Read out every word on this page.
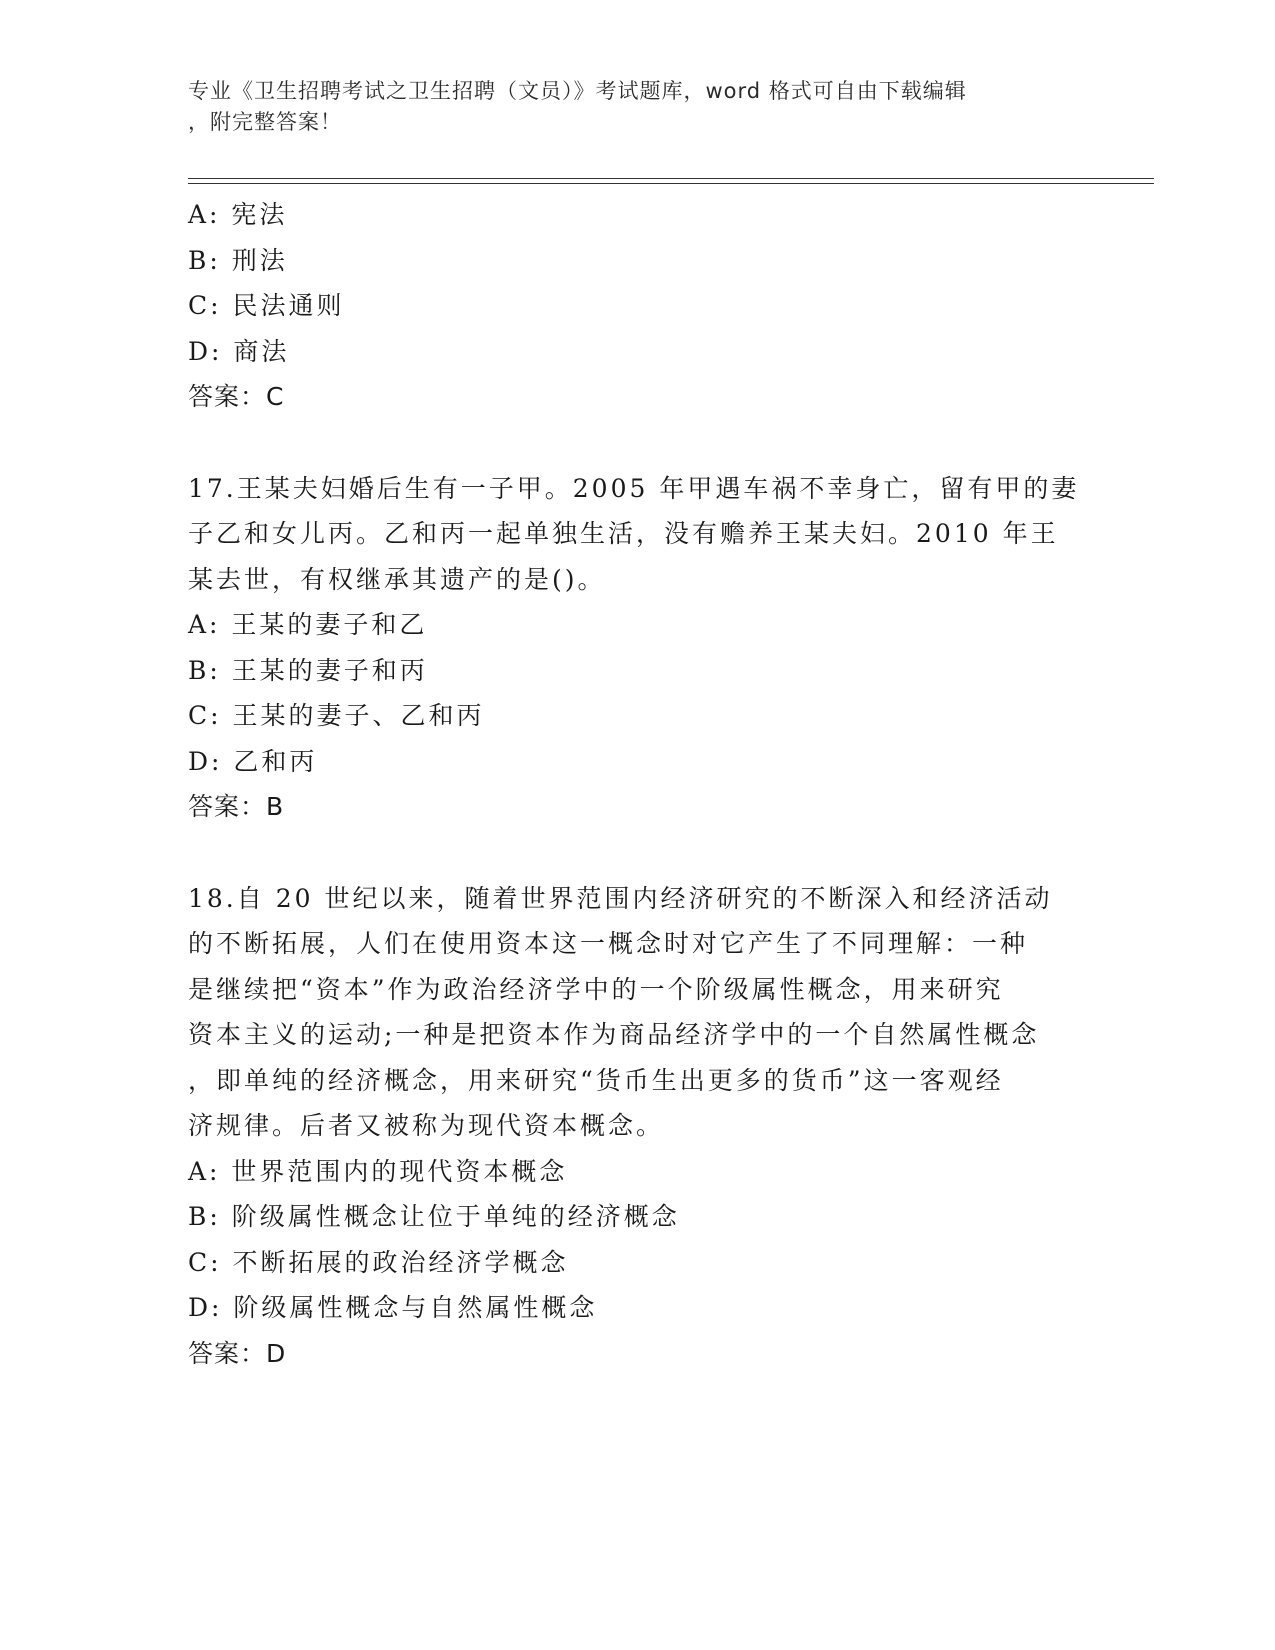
专业《卫生招聘考试之卫生招聘（文员）》考试题库，word 格式可自由下载编辑
，附完整答案！
A: 宪法
B: 刑法
C: 民法通则
D: 商法
答案：C
17.王某夫妇婚后生有一子甲。2005 年甲遇车祸不幸身亡，留有甲的妻
子乙和女儿丙。乙和丙一起单独生活，没有赡养王某夫妇。2010 年王
某去世，有权继承其遗产的是()。
A: 王某的妻子和乙
B: 王某的妻子和丙
C: 王某的妻子、乙和丙
D: 乙和丙
答案：B
18.自 20 世纪以来，随着世界范围内经济研究的不断深入和经济活动
的不断拓展，人们在使用资本这一概念时对它产生了不同理解：一种
是继续把“资本”作为政治经济学中的一个阶级属性概念，用来研究
资本主义的运动;一种是把资本作为商品经济学中的一个自然属性概念
，即单纯的经济概念，用来研究“货币生出更多的货币”这一客观经
济规律。后者又被称为现代资本概念。
A: 世界范围内的现代资本概念
B: 阶级属性概念让位于单纯的经济概念
C: 不断拓展的政治经济学概念
D: 阶级属性概念与自然属性概念
答案：D
